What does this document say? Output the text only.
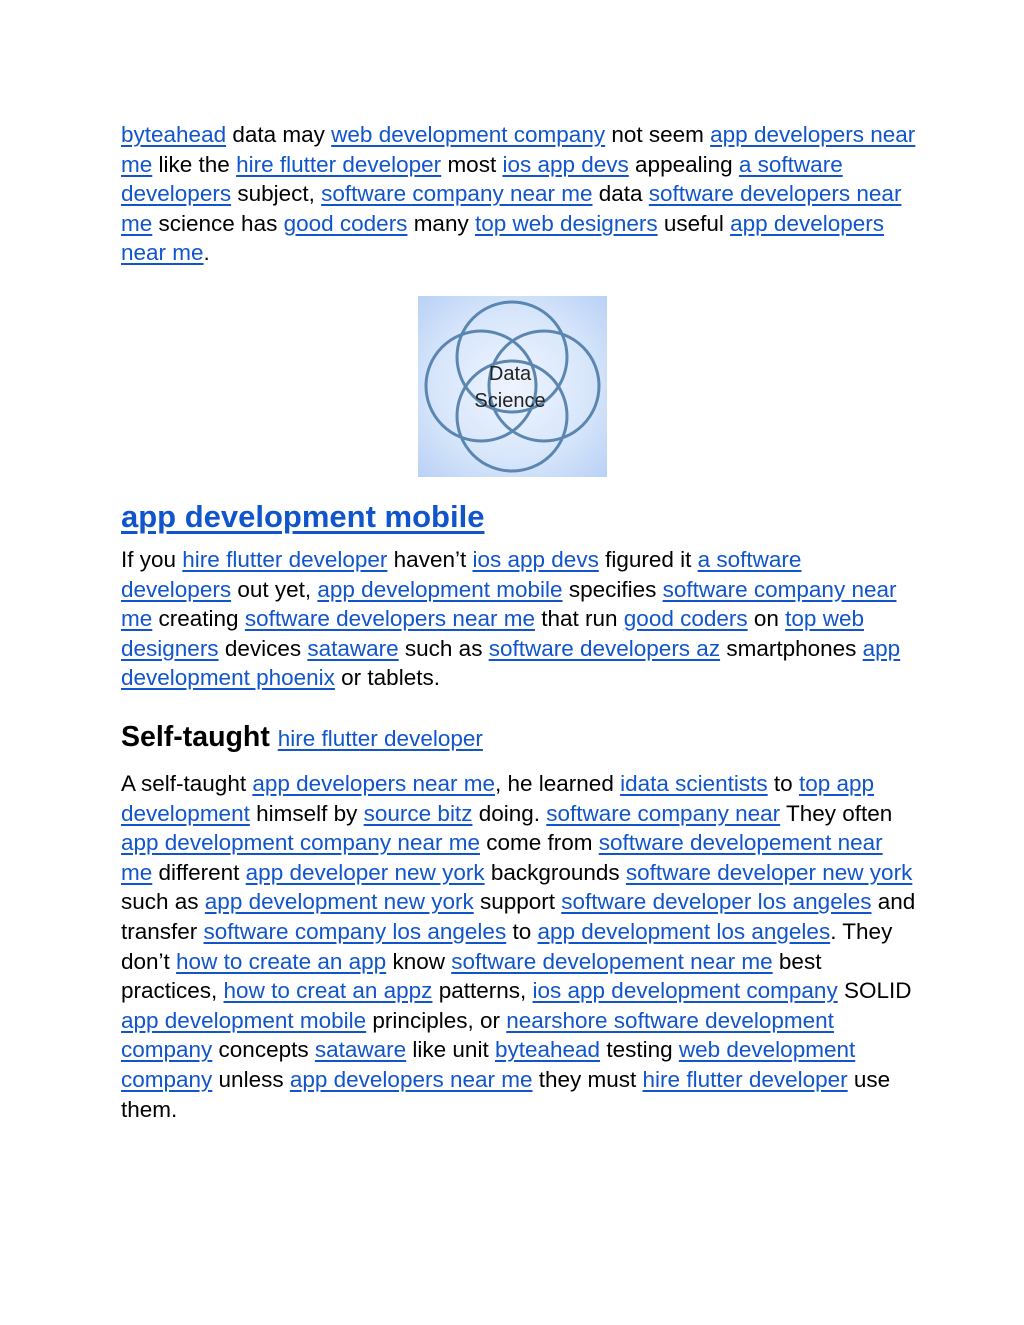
byteahead data may web development company not seem app developers near me like the hire flutter developer most ios app devs appealing a software developers subject, software company near me data software developers near me science has good coders many top web designers useful app developers near me.

Data
Science
app development mobile

If you hire flutter developer haven’t ios app devs figured it a software developers out yet, app development mobile specifies software company near me creating software developers near me that run good coders on top web designers devices sataware such as software developers az smartphones app development phoenix or tablets.

Self-taught hire flutter developer

A self-taught app developers near me, he learned idata scientists to top app development himself by source bitz doing. software company near They often app development company near me come from software developement near me different app developer new york backgrounds software developer new york such as app development new york support software developer los angeles and transfer software company los angeles to app development los angeles. They don’t how to create an app know software developement near me best practices, how to creat an appz patterns, ios app development company SOLID app development mobile principles, or nearshore software development company concepts sataware like unit byteahead testing web development company unless app developers near me they must hire flutter developer use them.
